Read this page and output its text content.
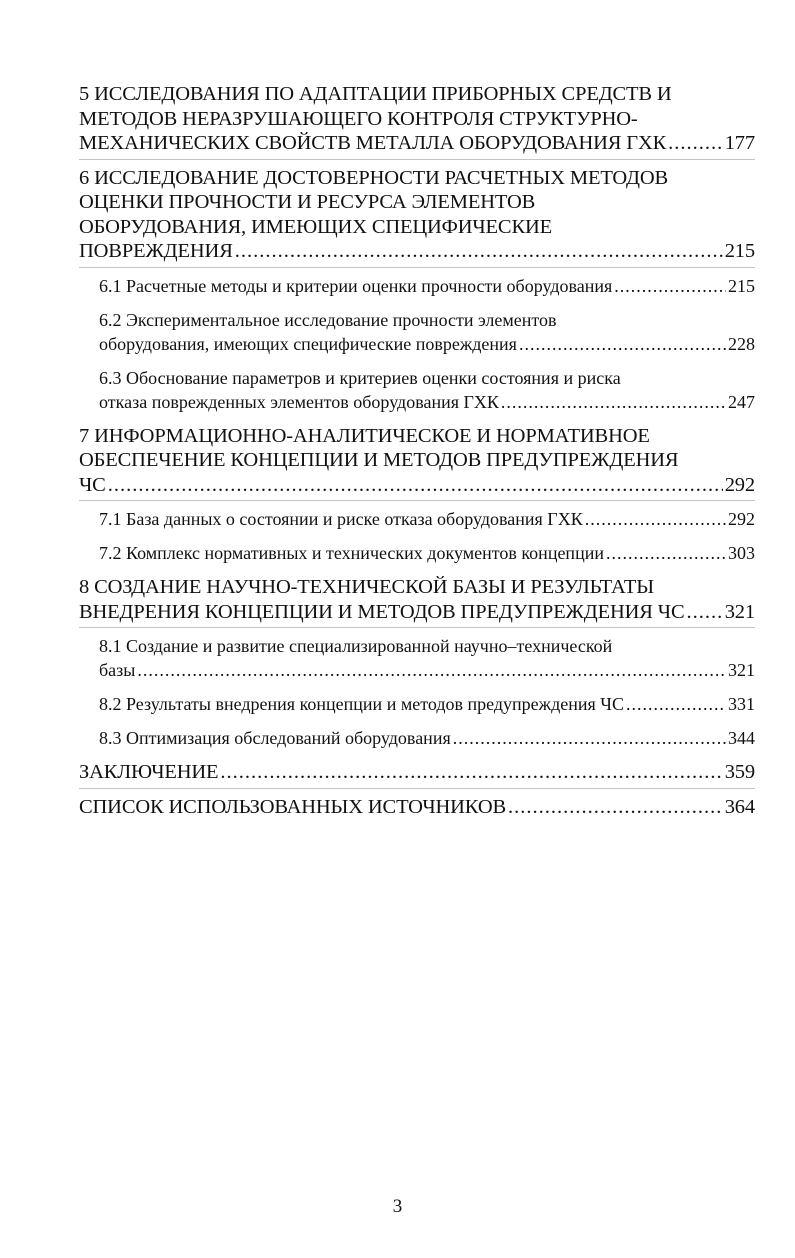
5 ИССЛЕДОВАНИЯ ПО АДАПТАЦИИ ПРИБОРНЫХ СРЕДСТВ И
МЕТОДОВ НЕРАЗРУШАЮЩЕГО КОНТРОЛЯ СТРУКТУРНО-
МЕХАНИЧЕСКИХ СВОЙСТВ МЕТАЛЛА ОБОРУДОВАНИЯ ГХК .....	177
6 ИССЛЕДОВАНИЕ ДОСТОВЕРНОСТИ РАСЧЕТНЫХ МЕТОДОВ
ОЦЕНКИ ПРОЧНОСТИ И РЕСУРСА ЭЛЕМЕНТОВ
ОБОРУДОВАНИЯ, ИМЕЮЩИХ СПЕЦИФИЧЕСКИЕ
ПОВРЕЖДЕНИЯ .....	215
6.1 Расчетные методы и критерии оценки прочности оборудования .....	215
6.2 Экспериментальное исследование прочности элементов
оборудования, имеющих специфические повреждения .....	228
6.3 Обоснование параметров и критериев оценки состояния и риска
отказа поврежденных элементов оборудования ГХК .....	247
7 ИНФОРМАЦИОННО-АНАЛИТИЧЕСКОЕ И НОРМАТИВНОЕ
ОБЕСПЕЧЕНИЕ КОНЦЕПЦИИ И МЕТОДОВ ПРЕДУПРЕЖДЕНИЯ
ЧС .....	292
7.1 База данных о состоянии и риске отказа оборудования ГХК .....	292
7.2 Комплекс нормативных и технических документов концепции .....	303
8 СОЗДАНИЕ НАУЧНО-ТЕХНИЧЕСКОЙ БАЗЫ И РЕЗУЛЬТАТЫ
ВНЕДРЕНИЯ КОНЦЕПЦИИ И МЕТОДОВ ПРЕДУПРЕЖДЕНИЯ ЧС ..... 321
8.1 Создание и развитие специализированной научно–технической
базы .....	321
8.2 Результаты внедрения концепции и методов предупреждения ЧС .....	331
8.3 Оптимизация обследований оборудования .....	344
ЗАКЛЮЧЕНИЕ .....	359
СПИСОК ИСПОЛЬЗОВАННЫХ ИСТОЧНИКОВ .....	364
3
